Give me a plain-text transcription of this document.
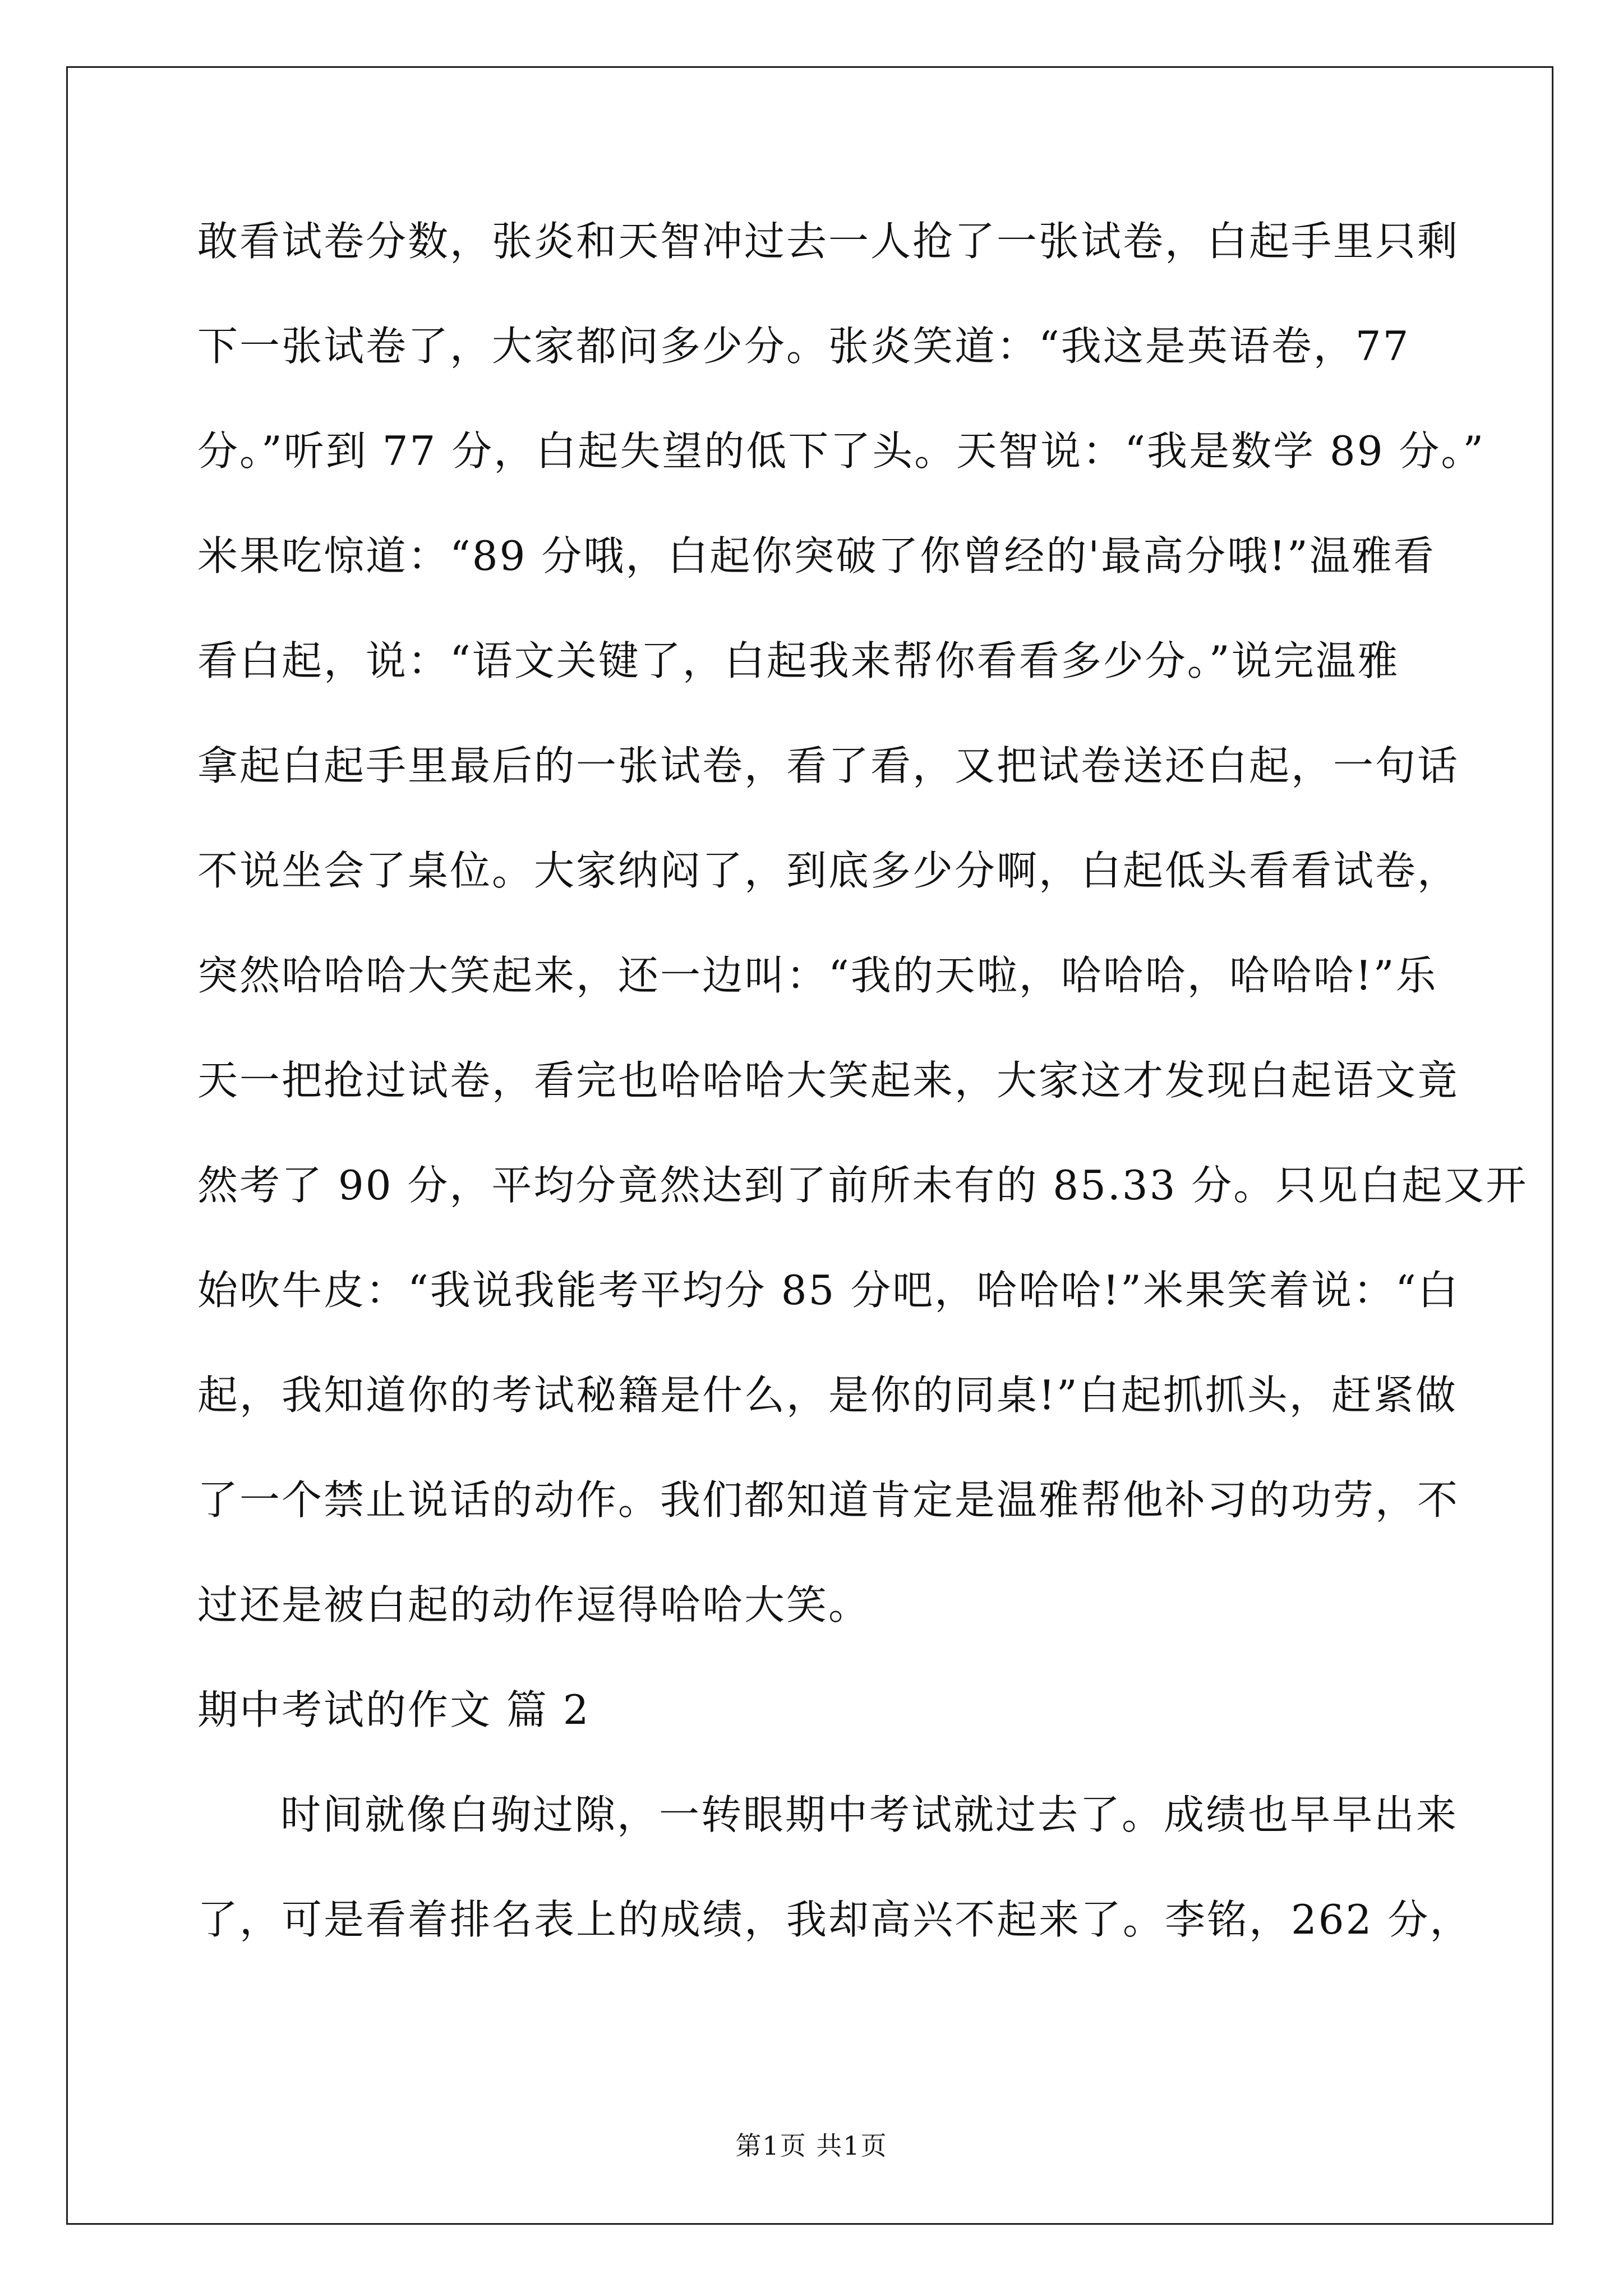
敢看试卷分数，张炎和天智冲过去一人抢了一张试卷，白起手里只剩
下一张试卷了，大家都问多少分。张炎笑道：“我这是英语卷，77
分。”听到 77 分，白起失望的低下了头。天智说：“我是数学 89 分。”
米果吃惊道：“89 分哦，白起你突破了你曾经的'最高分哦!”温雅看
看白起，说：“语文关键了，白起我来帮你看看多少分。”说完温雅
拿起白起手里最后的一张试卷，看了看，又把试卷送还白起，一句话
不说坐会了桌位。大家纳闷了，到底多少分啊，白起低头看看试卷，
突然哈哈哈大笑起来，还一边叫：“我的天啦，哈哈哈，哈哈哈!”乐
天一把抢过试卷，看完也哈哈哈大笑起来，大家这才发现白起语文竟
然考了 90 分，平均分竟然达到了前所未有的 85.33 分。只见白起又开
始吹牛皮：“我说我能考平均分 85 分吧，哈哈哈!”米果笑着说：“白
起，我知道你的考试秘籍是什么，是你的同桌!”白起抓抓头，赶紧做
了一个禁止说话的动作。我们都知道肯定是温雅帮他补习的功劳，不
过还是被白起的动作逗得哈哈大笑。
期中考试的作文 篇 2
时间就像白驹过隙，一转眼期中考试就过去了。成绩也早早出来
了，可是看着排名表上的成绩，我却高兴不起来了。李铭，262 分，
第1页 共1页
